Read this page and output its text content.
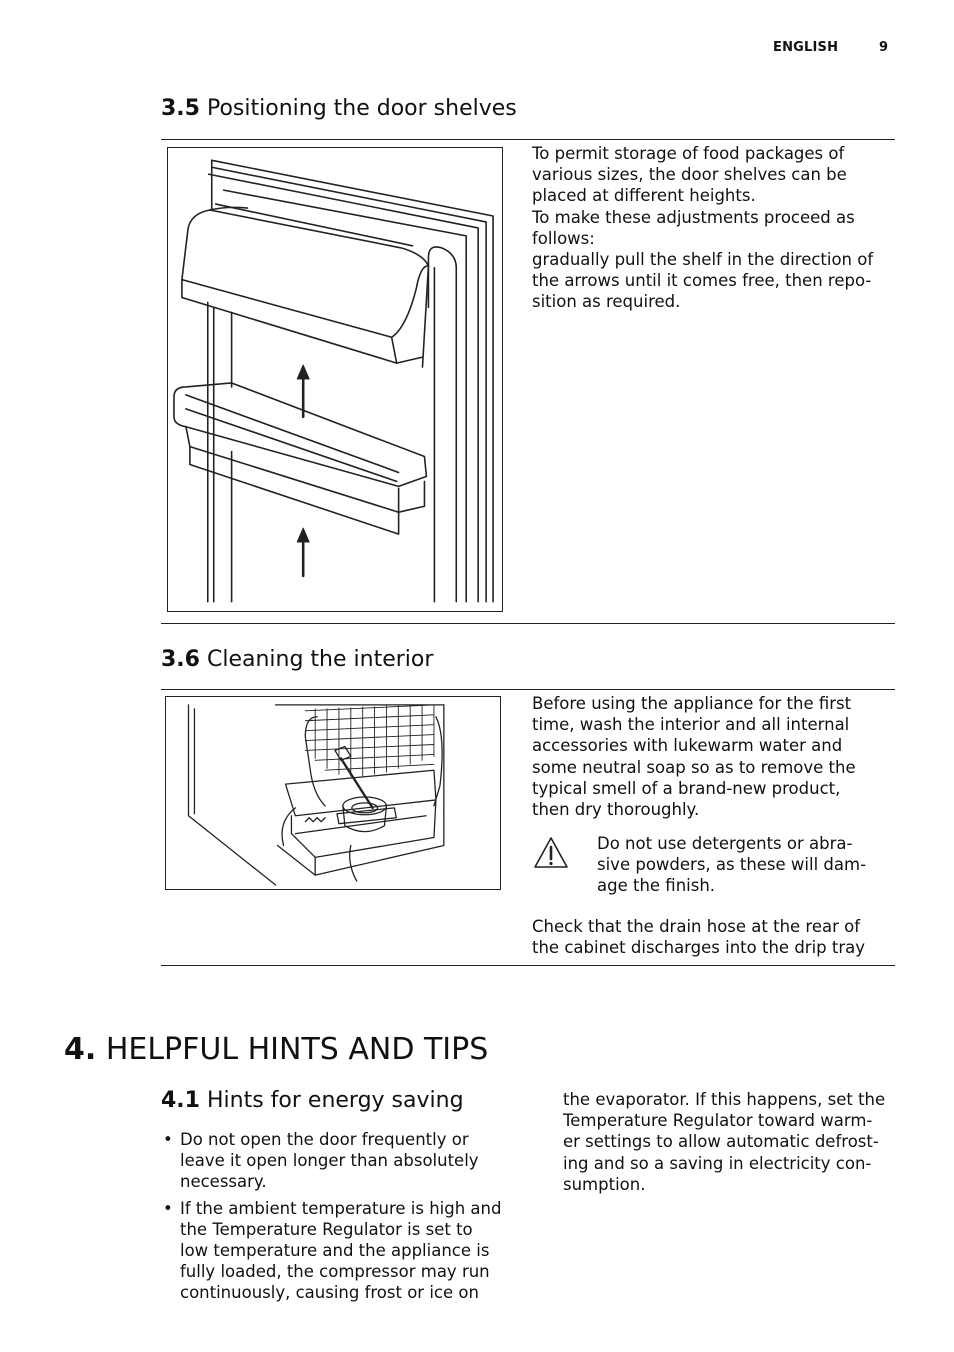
ENGLISH	9
3.5 Positioning the door shelves

To permit storage of food packages of

various sizes, the door shelves can be

placed at different heights.

To make these adjustments proceed as

follows:

gradually pull the shelf in the direction of

the arrows until it comes free, then repo-

sition as required.

3.6 Cleaning the interior

Before using the appliance for the first

time, wash the interior and all internal

accessories with lukewarm water and

some neutral soap so as to remove the

typical smell of a brand-new product,

then dry thoroughly.

Do not use detergents or abra-

sive powders, as these will dam-

age the finish.

Check that the drain hose at the rear of

the cabinet discharges into the drip tray

4. HELPFUL HINTS AND TIPS
4.1 Hints for energy saving
• Do not open the door frequently or

leave it open longer than absolutely

necessary.

• If the ambient temperature is high and

the Temperature Regulator is set to

low temperature and the appliance is

fully loaded, the compressor may run

continuously, causing frost or ice on

the evaporator. If this happens, set the

Temperature Regulator toward warm-

er settings to allow automatic defrost-

ing and so a saving in electricity con-

sumption.
